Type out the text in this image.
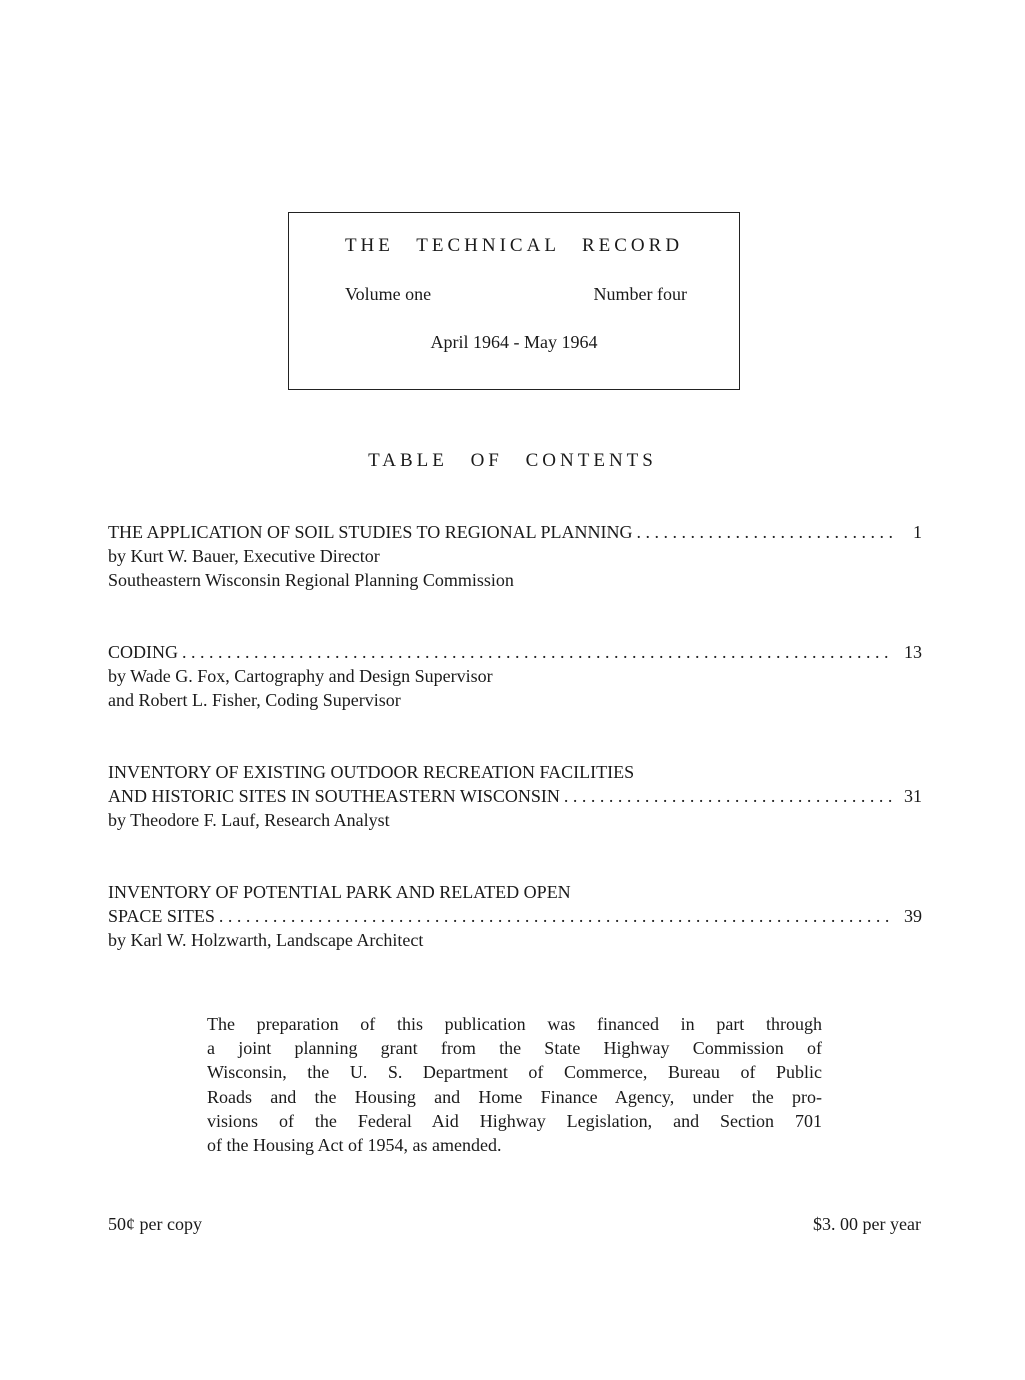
THE TECHNICAL RECORD
Volume one	Number four
April 1964 - May 1964
TABLE OF CONTENTS
THE APPLICATION OF SOIL STUDIES TO REGIONAL PLANNING . . .	1
by Kurt W. Bauer, Executive Director
Southeastern Wisconsin Regional Planning Commission
CODING . . .	13
by Wade G. Fox, Cartography and Design Supervisor
and Robert L. Fisher, Coding Supervisor
INVENTORY OF EXISTING OUTDOOR RECREATION FACILITIES
AND HISTORIC SITES IN SOUTHEASTERN WISCONSIN . . .	31
by Theodore F. Lauf, Research Analyst
INVENTORY OF POTENTIAL PARK AND RELATED OPEN
SPACE SITES . . .	39
by Karl W. Holzwarth, Landscape Architect
The preparation of this publication was financed in part through
a joint planning grant from the State Highway Commission of
Wisconsin, the U. S. Department of Commerce, Bureau of Public
Roads and the Housing and Home Finance Agency, under the pro-
visions of the Federal Aid Highway Legislation, and Section 701
of the Housing Act of 1954, as amended.
50¢ per copy	$3. 00 per year
